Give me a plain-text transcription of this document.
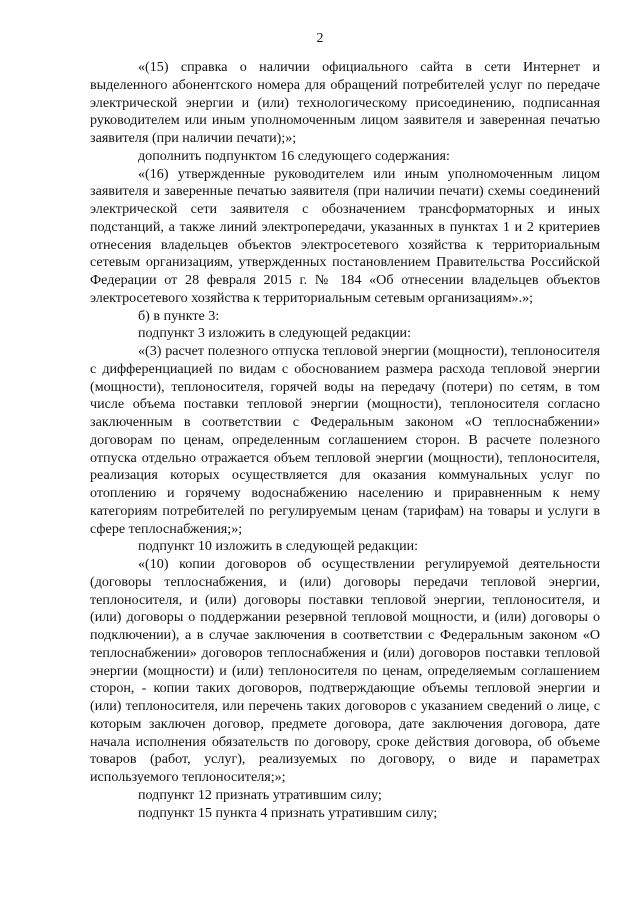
2

«(15) справка о наличии официального сайта в сети Интернет и выделенного абонентского номера для обращений потребителей услуг по передаче электрической энергии и (или) технологическому присоединению, подписанная руководителем или иным уполномоченным лицом заявителя и заверенная печатью заявителя (при наличии печати);»;

дополнить подпунктом 16 следующего содержания:

«(16) утвержденные руководителем или иным уполномоченным лицом заявителя и заверенные печатью заявителя (при наличии печати) схемы соединений электрической сети заявителя с обозначением трансформаторных и иных подстанций, а также линий электропередачи, указанных в пунктах 1 и 2 критериев отнесения владельцев объектов электросетевого хозяйства к территориальным сетевым организациям, утвержденных постановлением Правительства Российской Федерации от 28 февраля 2015 г. № 184 «Об отнесении владельцев объектов электросетевого хозяйства к территориальным сетевым организациям».»;

б) в пункте 3:

подпункт 3 изложить в следующей редакции:

«(3) расчет полезного отпуска тепловой энергии (мощности), теплоносителя с дифференциацией по видам с обоснованием размера расхода тепловой энергии (мощности), теплоносителя, горячей воды на передачу (потери) по сетям, в том числе объема поставки тепловой энергии (мощности), теплоносителя согласно заключенным в соответствии с Федеральным законом «О теплоснабжении» договорам по ценам, определенным соглашением сторон. В расчете полезного отпуска отдельно отражается объем тепловой энергии (мощности), теплоносителя, реализация которых осуществляется для оказания коммунальных услуг по отоплению и горячему водоснабжению населению и приравненным к нему категориям потребителей по регулируемым ценам (тарифам) на товары и услуги в сфере теплоснабжения;»;

подпункт 10 изложить в следующей редакции:

«(10) копии договоров об осуществлении регулируемой деятельности (договоры теплоснабжения, и (или) договоры передачи тепловой энергии, теплоносителя, и (или) договоры поставки тепловой энергии, теплоносителя, и (или) договоры о поддержании резервной тепловой мощности, и (или) договоры о подключении), а в случае заключения в соответствии с Федеральным законом «О теплоснабжении» договоров теплоснабжения и (или) договоров поставки тепловой энергии (мощности) и (или) теплоносителя по ценам, определяемым соглашением сторон, - копии таких договоров, подтверждающие объемы тепловой энергии и (или) теплоносителя, или перечень таких договоров с указанием сведений о лице, с которым заключен договор, предмете договора, дате заключения договора, дате начала исполнения обязательств по договору, сроке действия договора, об объеме товаров (работ, услуг), реализуемых по договору, о виде и параметрах используемого теплоносителя;»;

подпункт 12 признать утратившим силу;

подпункт 15 пункта 4 признать утратившим силу;
